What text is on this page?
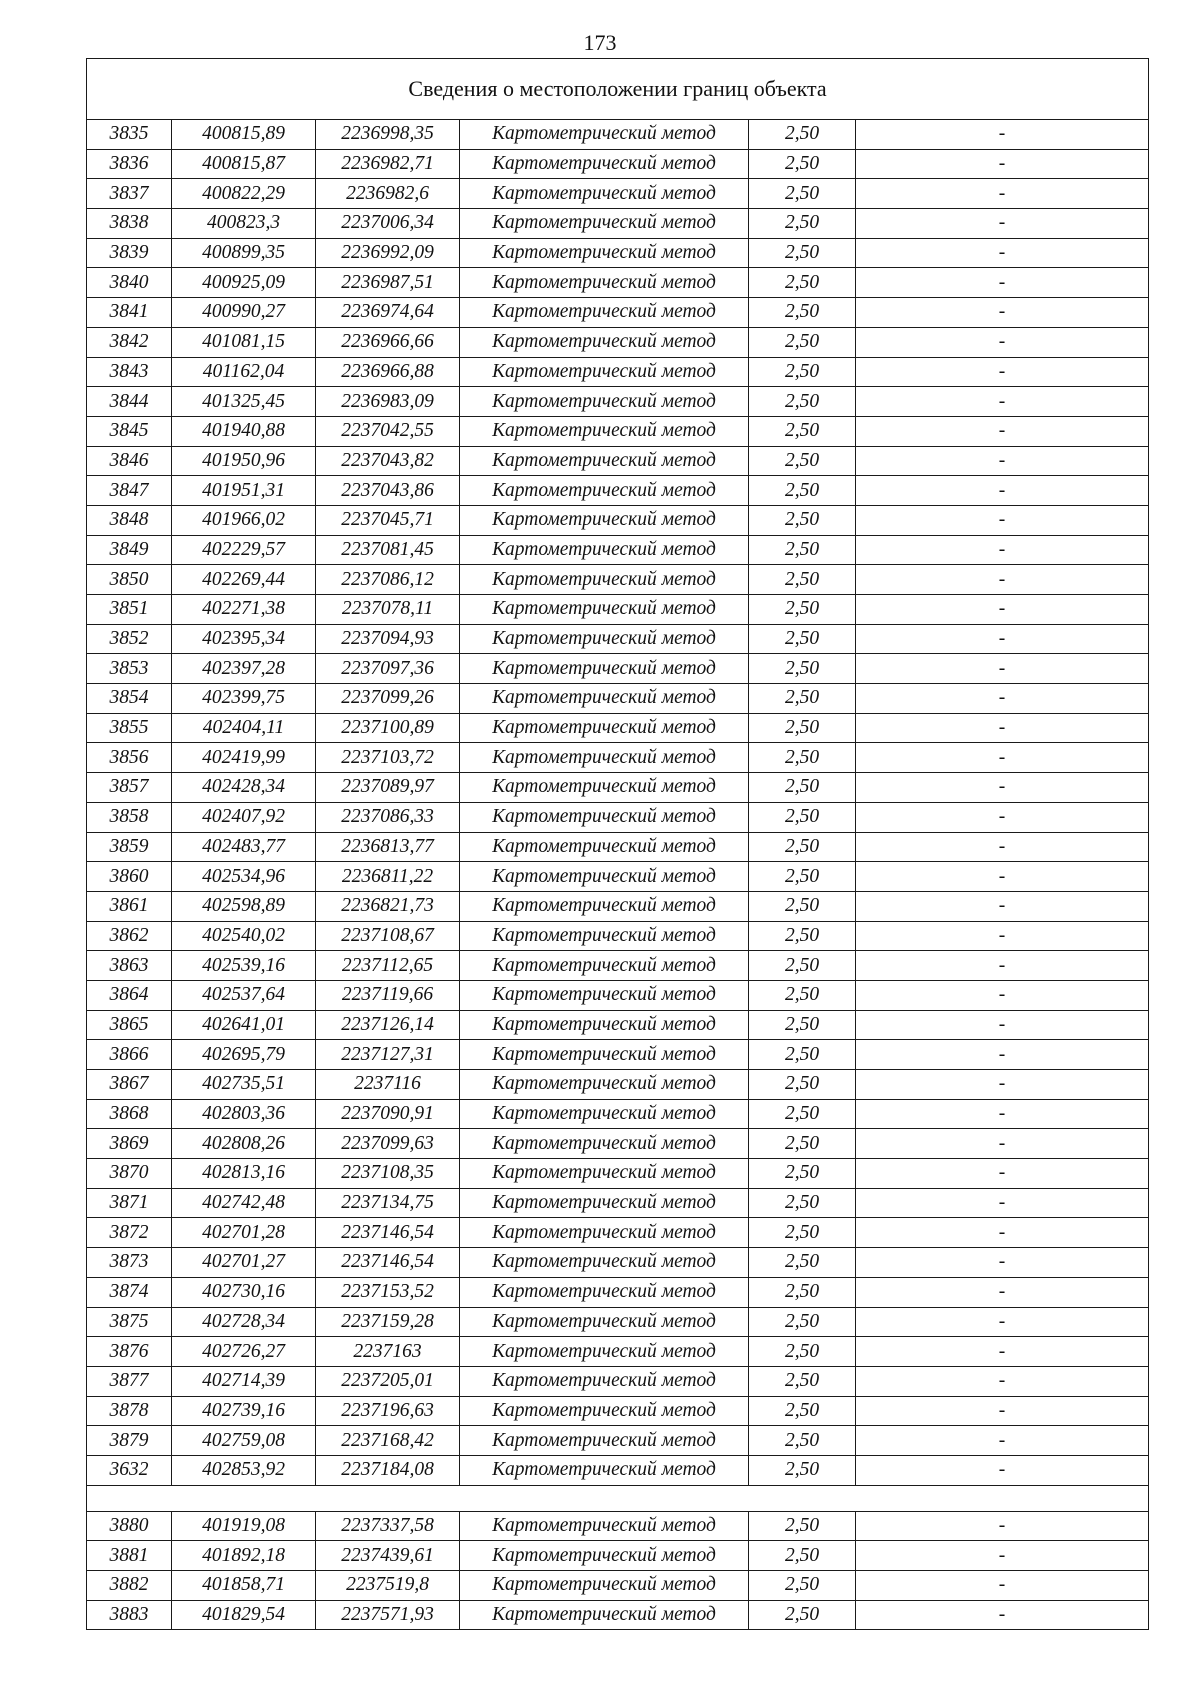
173
Сведения о местоположении границ объекта					
3835	400815,89	2236998,35	Картометрический метод	2,50	-
3836	400815,87	2236982,71	Картометрический метод	2,50	-
3837	400822,29	2236982,6	Картометрический метод	2,50	-
3838	400823,3	2237006,34	Картометрический метод	2,50	-
3839	400899,35	2236992,09	Картометрический метод	2,50	-
3840	400925,09	2236987,51	Картометрический метод	2,50	-
3841	400990,27	2236974,64	Картометрический метод	2,50	-
3842	401081,15	2236966,66	Картометрический метод	2,50	-
3843	401162,04	2236966,88	Картометрический метод	2,50	-
3844	401325,45	2236983,09	Картометрический метод	2,50	-
3845	401940,88	2237042,55	Картометрический метод	2,50	-
3846	401950,96	2237043,82	Картометрический метод	2,50	-
3847	401951,31	2237043,86	Картометрический метод	2,50	-
3848	401966,02	2237045,71	Картометрический метод	2,50	-
3849	402229,57	2237081,45	Картометрический метод	2,50	-
3850	402269,44	2237086,12	Картометрический метод	2,50	-
3851	402271,38	2237078,11	Картометрический метод	2,50	-
3852	402395,34	2237094,93	Картометрический метод	2,50	-
3853	402397,28	2237097,36	Картометрический метод	2,50	-
3854	402399,75	2237099,26	Картометрический метод	2,50	-
3855	402404,11	2237100,89	Картометрический метод	2,50	-
3856	402419,99	2237103,72	Картометрический метод	2,50	-
3857	402428,34	2237089,97	Картометрический метод	2,50	-
3858	402407,92	2237086,33	Картометрический метод	2,50	-
3859	402483,77	2236813,77	Картометрический метод	2,50	-
3860	402534,96	2236811,22	Картометрический метод	2,50	-
3861	402598,89	2236821,73	Картометрический метод	2,50	-
3862	402540,02	2237108,67	Картометрический метод	2,50	-
3863	402539,16	2237112,65	Картометрический метод	2,50	-
3864	402537,64	2237119,66	Картометрический метод	2,50	-
3865	402641,01	2237126,14	Картометрический метод	2,50	-
3866	402695,79	2237127,31	Картометрический метод	2,50	-
3867	402735,51	2237116	Картометрический метод	2,50	-
3868	402803,36	2237090,91	Картометрический метод	2,50	-
3869	402808,26	2237099,63	Картометрический метод	2,50	-
3870	402813,16	2237108,35	Картометрический метод	2,50	-
3871	402742,48	2237134,75	Картометрический метод	2,50	-
3872	402701,28	2237146,54	Картометрический метод	2,50	-
3873	402701,27	2237146,54	Картометрический метод	2,50	-
3874	402730,16	2237153,52	Картометрический метод	2,50	-
3875	402728,34	2237159,28	Картометрический метод	2,50	-
3876	402726,27	2237163	Картометрический метод	2,50	-
3877	402714,39	2237205,01	Картометрический метод	2,50	-
3878	402739,16	2237196,63	Картометрический метод	2,50	-
3879	402759,08	2237168,42	Картометрический метод	2,50	-
3632	402853,92	2237184,08	Картометрический метод	2,50	-

3880	401919,08	2237337,58	Картометрический метод	2,50	-
3881	401892,18	2237439,61	Картометрический метод	2,50	-
3882	401858,71	2237519,8	Картометрический метод	2,50	-
3883	401829,54	2237571,93	Картометрический метод	2,50	-
